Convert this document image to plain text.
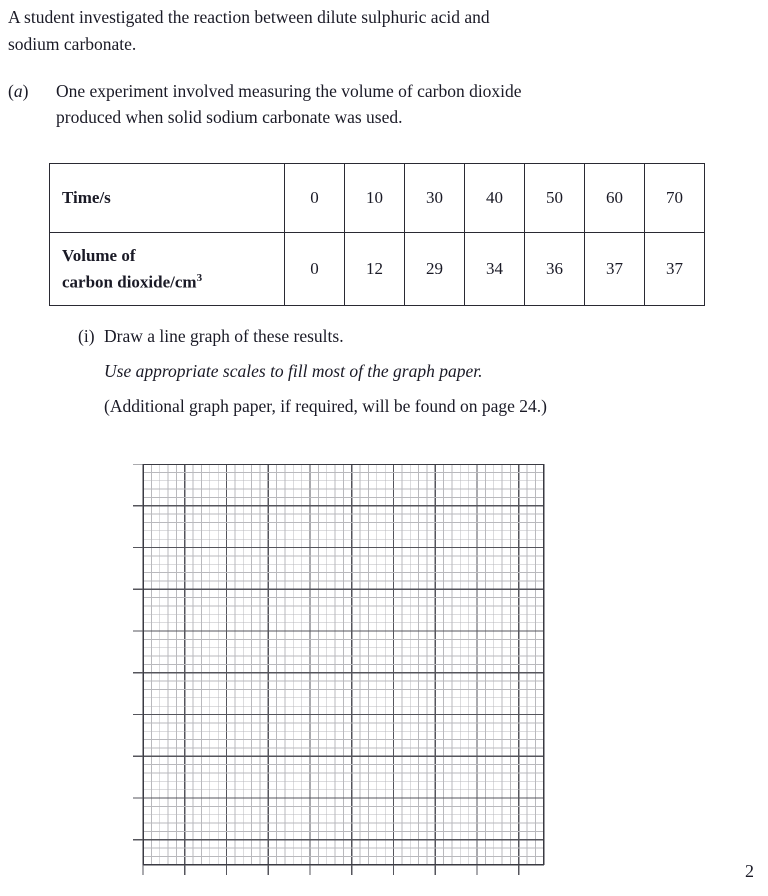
A student investigated the reaction between dilute sulphuric acid and
sodium carbonate.
(a)	One experiment involved measuring the volume of carbon dioxide
produced when solid sodium carbonate was used.
Time/s	0	10	30	40	50	60	70

Volume of
carbon dioxide/$cm^3$	0	12	29	34	36	37	37
(i) Draw a line graph of these results.
Use appropriate scales to fill most of the graph paper.
(Additional graph paper, if required, will be found on page 24.)
2
